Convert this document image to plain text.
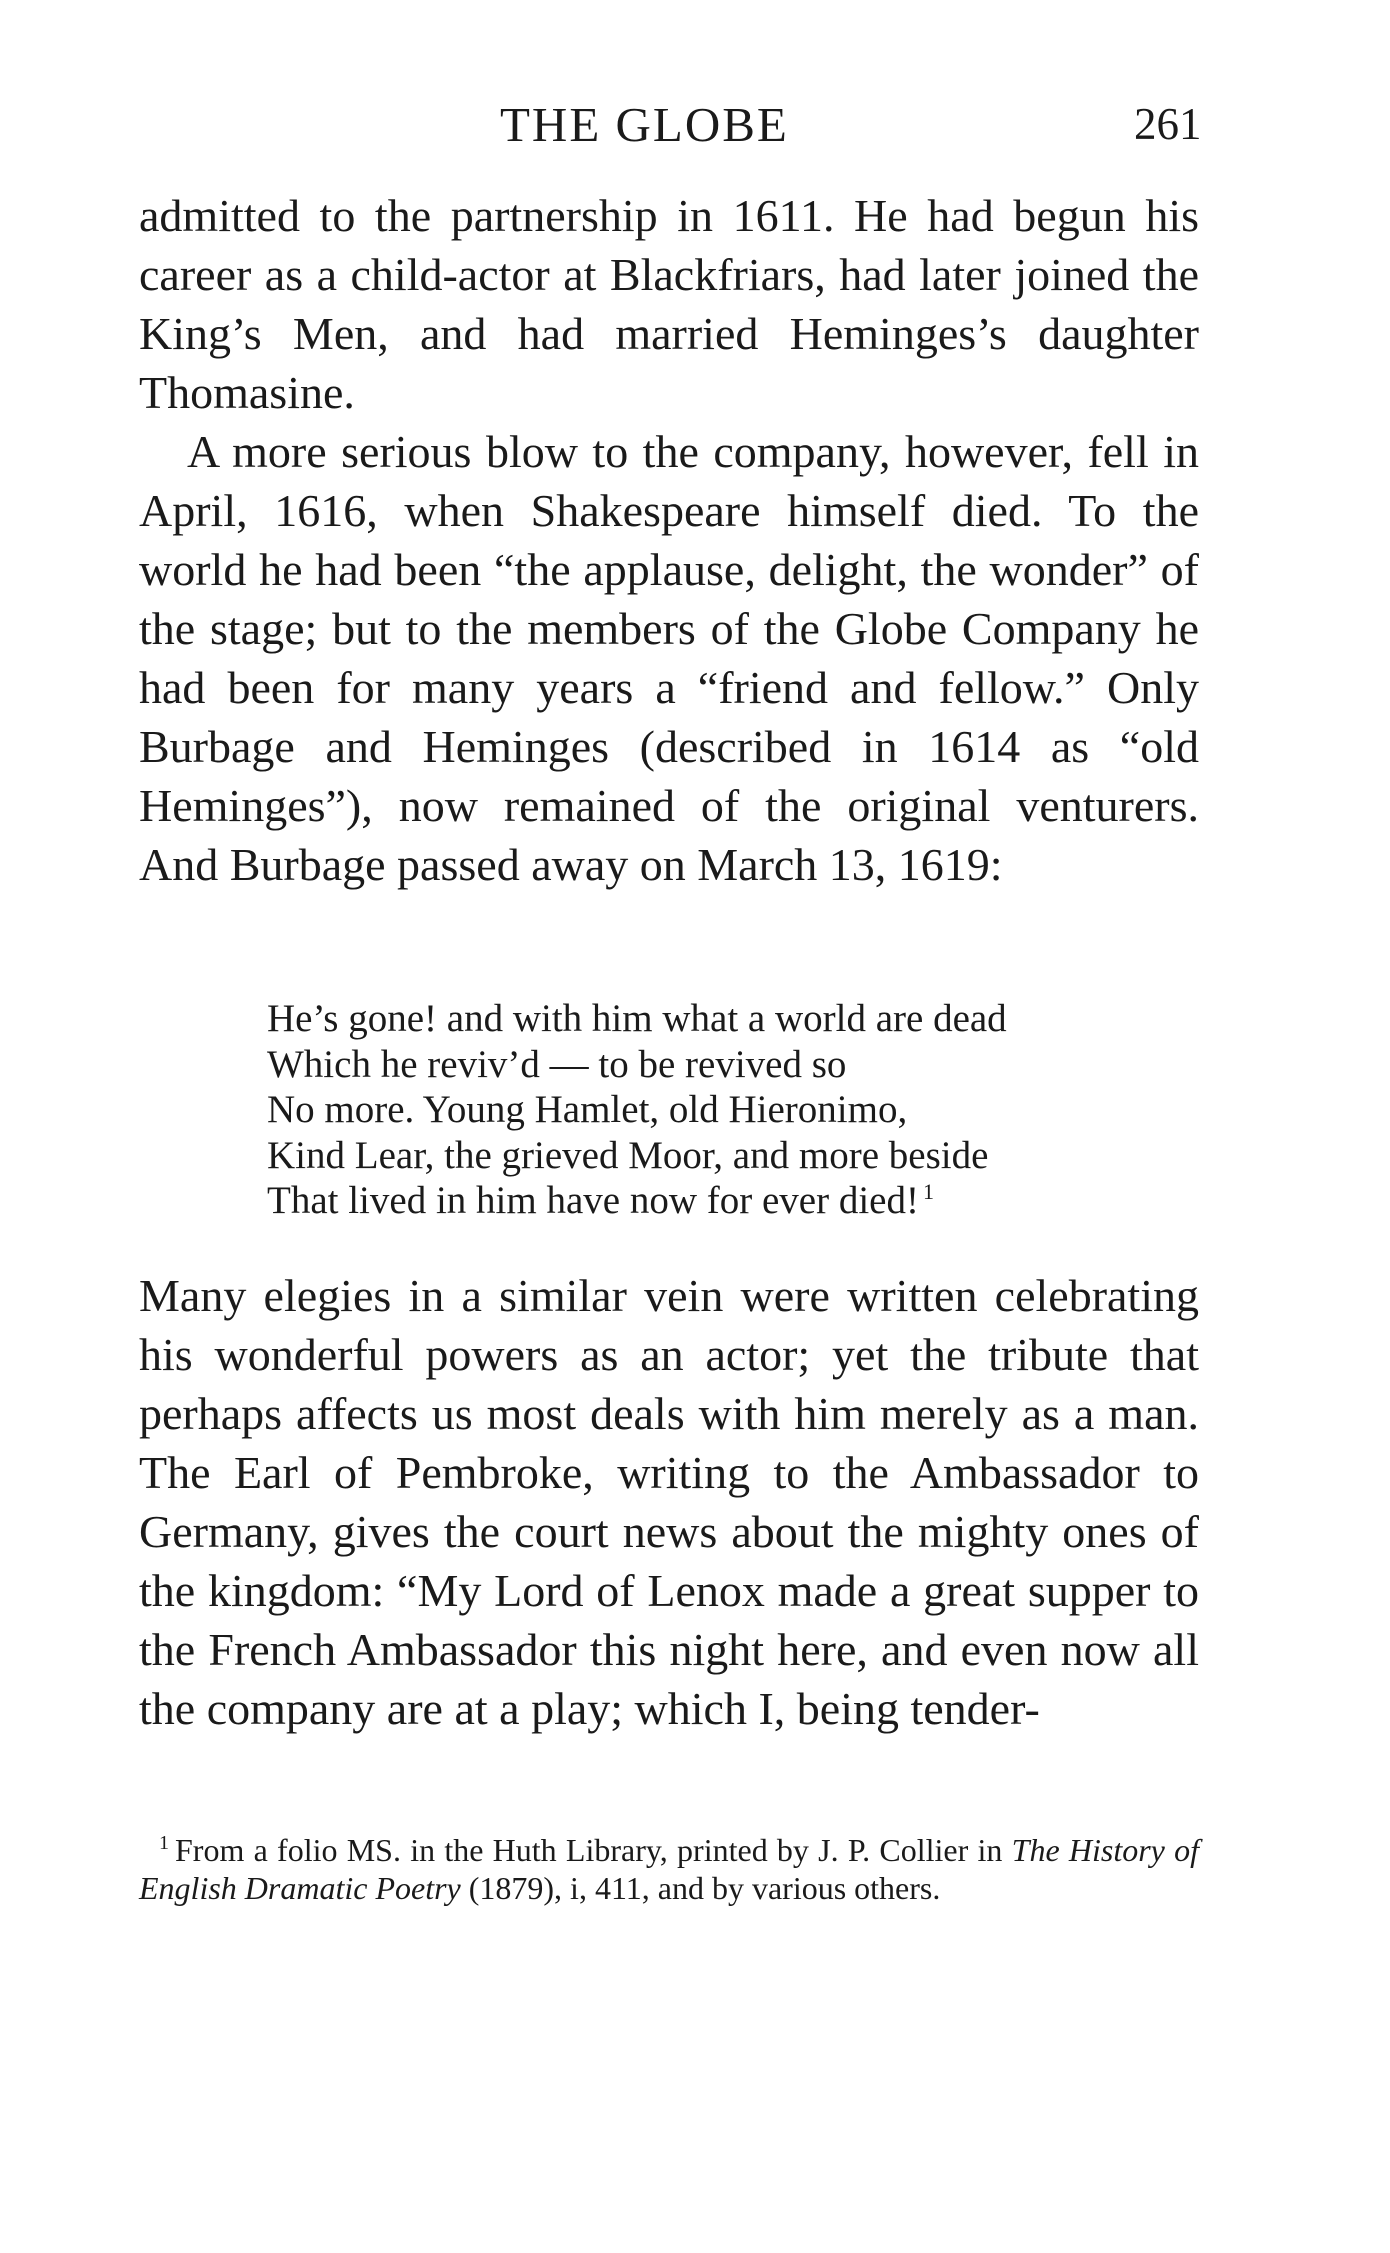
THE GLOBE	261

admitted to the partnership in 1611. He had begun his career as a child-actor at Blackfriars, had later joined the King’s Men, and had married Heminges’s daughter Thomasine.

A more serious blow to the company, however, fell in April, 1616, when Shakespeare himself died. To the world he had been “the applause, delight, the wonder” of the stage; but to the members of the Globe Company he had been for many years a “friend and fellow.” Only Burbage and Heminges (described in 1614 as “old Heminges”), now remained of the original venturers. And Burbage passed away on March 13, 1619:

He’s gone! and with him what a world are dead
Which he reviv’d — to be revived so
No more. Young Hamlet, old Hieronimo,
Kind Lear, the grieved Moor, and more beside
That lived in him have now for ever died! $^1$

Many elegies in a similar vein were written celebrating his wonderful powers as an actor; yet the tribute that perhaps affects us most deals with him merely as a man. The Earl of Pembroke, writing to the Ambassador to Germany, gives the court news about the mighty ones of the kingdom: “My Lord of Lenox made a great supper to the French Ambassador this night here, and even now all the company are at a play; which I, being tender-

$^1$ From a folio MS. in the Huth Library, printed by J. P. Collier in The History of English Dramatic Poetry (1879), i, 411, and by various others.
